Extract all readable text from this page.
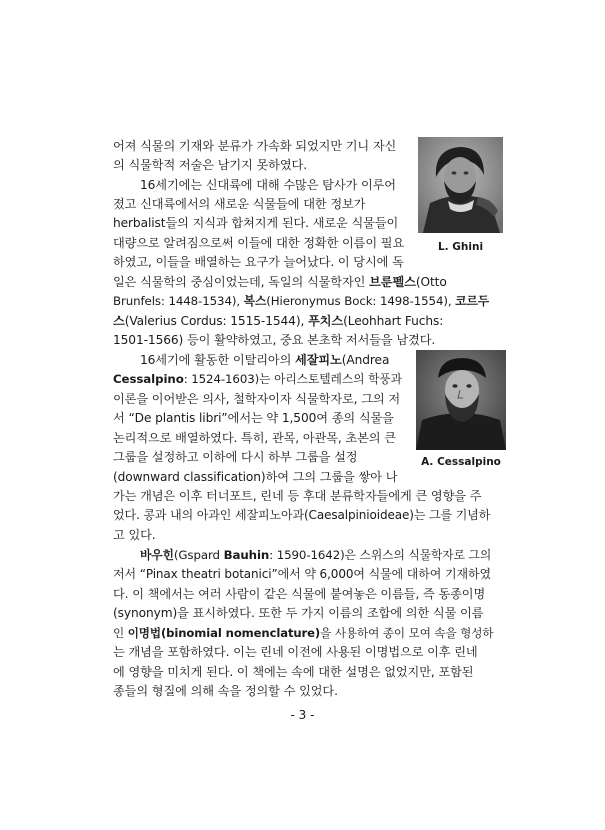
L. Ghini
어져 식물의 기재와 분류가 가속화 되었지만 기니 자신
의 식물학적 저술은 남기지 못하였다.
16세기에는 신대륙에 대해 수많은 탐사가 이루어
졌고 신대륙에서의 새로운 식물들에 대한 정보가
herbalist들의 지식과 합쳐지게 된다. 새로운 식물들이
대량으로 알려짐으로써 이들에 대한 정확한 이름이 필요
하였고, 이들을 배열하는 요구가 늘어났다. 이 당시에 독
일은 식물학의 중심이었는데, 독일의 식물학자인 브룬펠스(Otto
Brunfels: 1448-1534), 복스(Hieronymus Bock: 1498-1554), 코르두
스(Valerius Cordus: 1515-1544), 푸치스(Leohhart Fuchs:
1501-1566) 등이 활약하였고, 중요 본초학 저서들을 남겼다.
A. Cessalpino
16세기에 활동한 이탈리아의 세잘피노(Andrea
Cessalpino: 1524-1603)는 아리스토텔레스의 학풍과
이론을 이어받은 의사, 철학자이자 식물학자로, 그의 저
서 “De plantis libri”에서는 약 1,500여 종의 식물을
논리적으로 배열하였다. 특히, 관목, 아관목, 초본의 큰
그룹을 설정하고 이하에 다시 하부 그룹을 설정
(downward classification)하여 그의 그룹을 쌓아 나
가는 개념은 이후 터너포트, 린네 등 후대 분류학자들에게 큰 영향을 주
었다. 콩과 내의 아과인 세잘피노아과(Caesalpinioideae)는 그를 기념하
고 있다.
바우힌(Gspard Bauhin: 1590-1642)은 스위스의 식물학자로 그의
저서 “Pinax theatri botanici”에서 약 6,000여 식물에 대하여 기재하였
다. 이 책에서는 여러 사람이 같은 식물에 붙여놓은 이름들, 즉 동종이명
(synonym)을 표시하였다. 또한 두 가지 이름의 조합에 의한 식물 이름
인 이명법(binomial nomenclature)을 사용하여 종이 모여 속을 형성하
는 개념을 포함하였다. 이는 린네 이전에 사용된 이명법으로 이후 린네
에 영향을 미치게 된다. 이 책에는 속에 대한 설명은 없었지만, 포함된
종들의 형질에 의해 속을 정의할 수 있었다.
- 3 -
